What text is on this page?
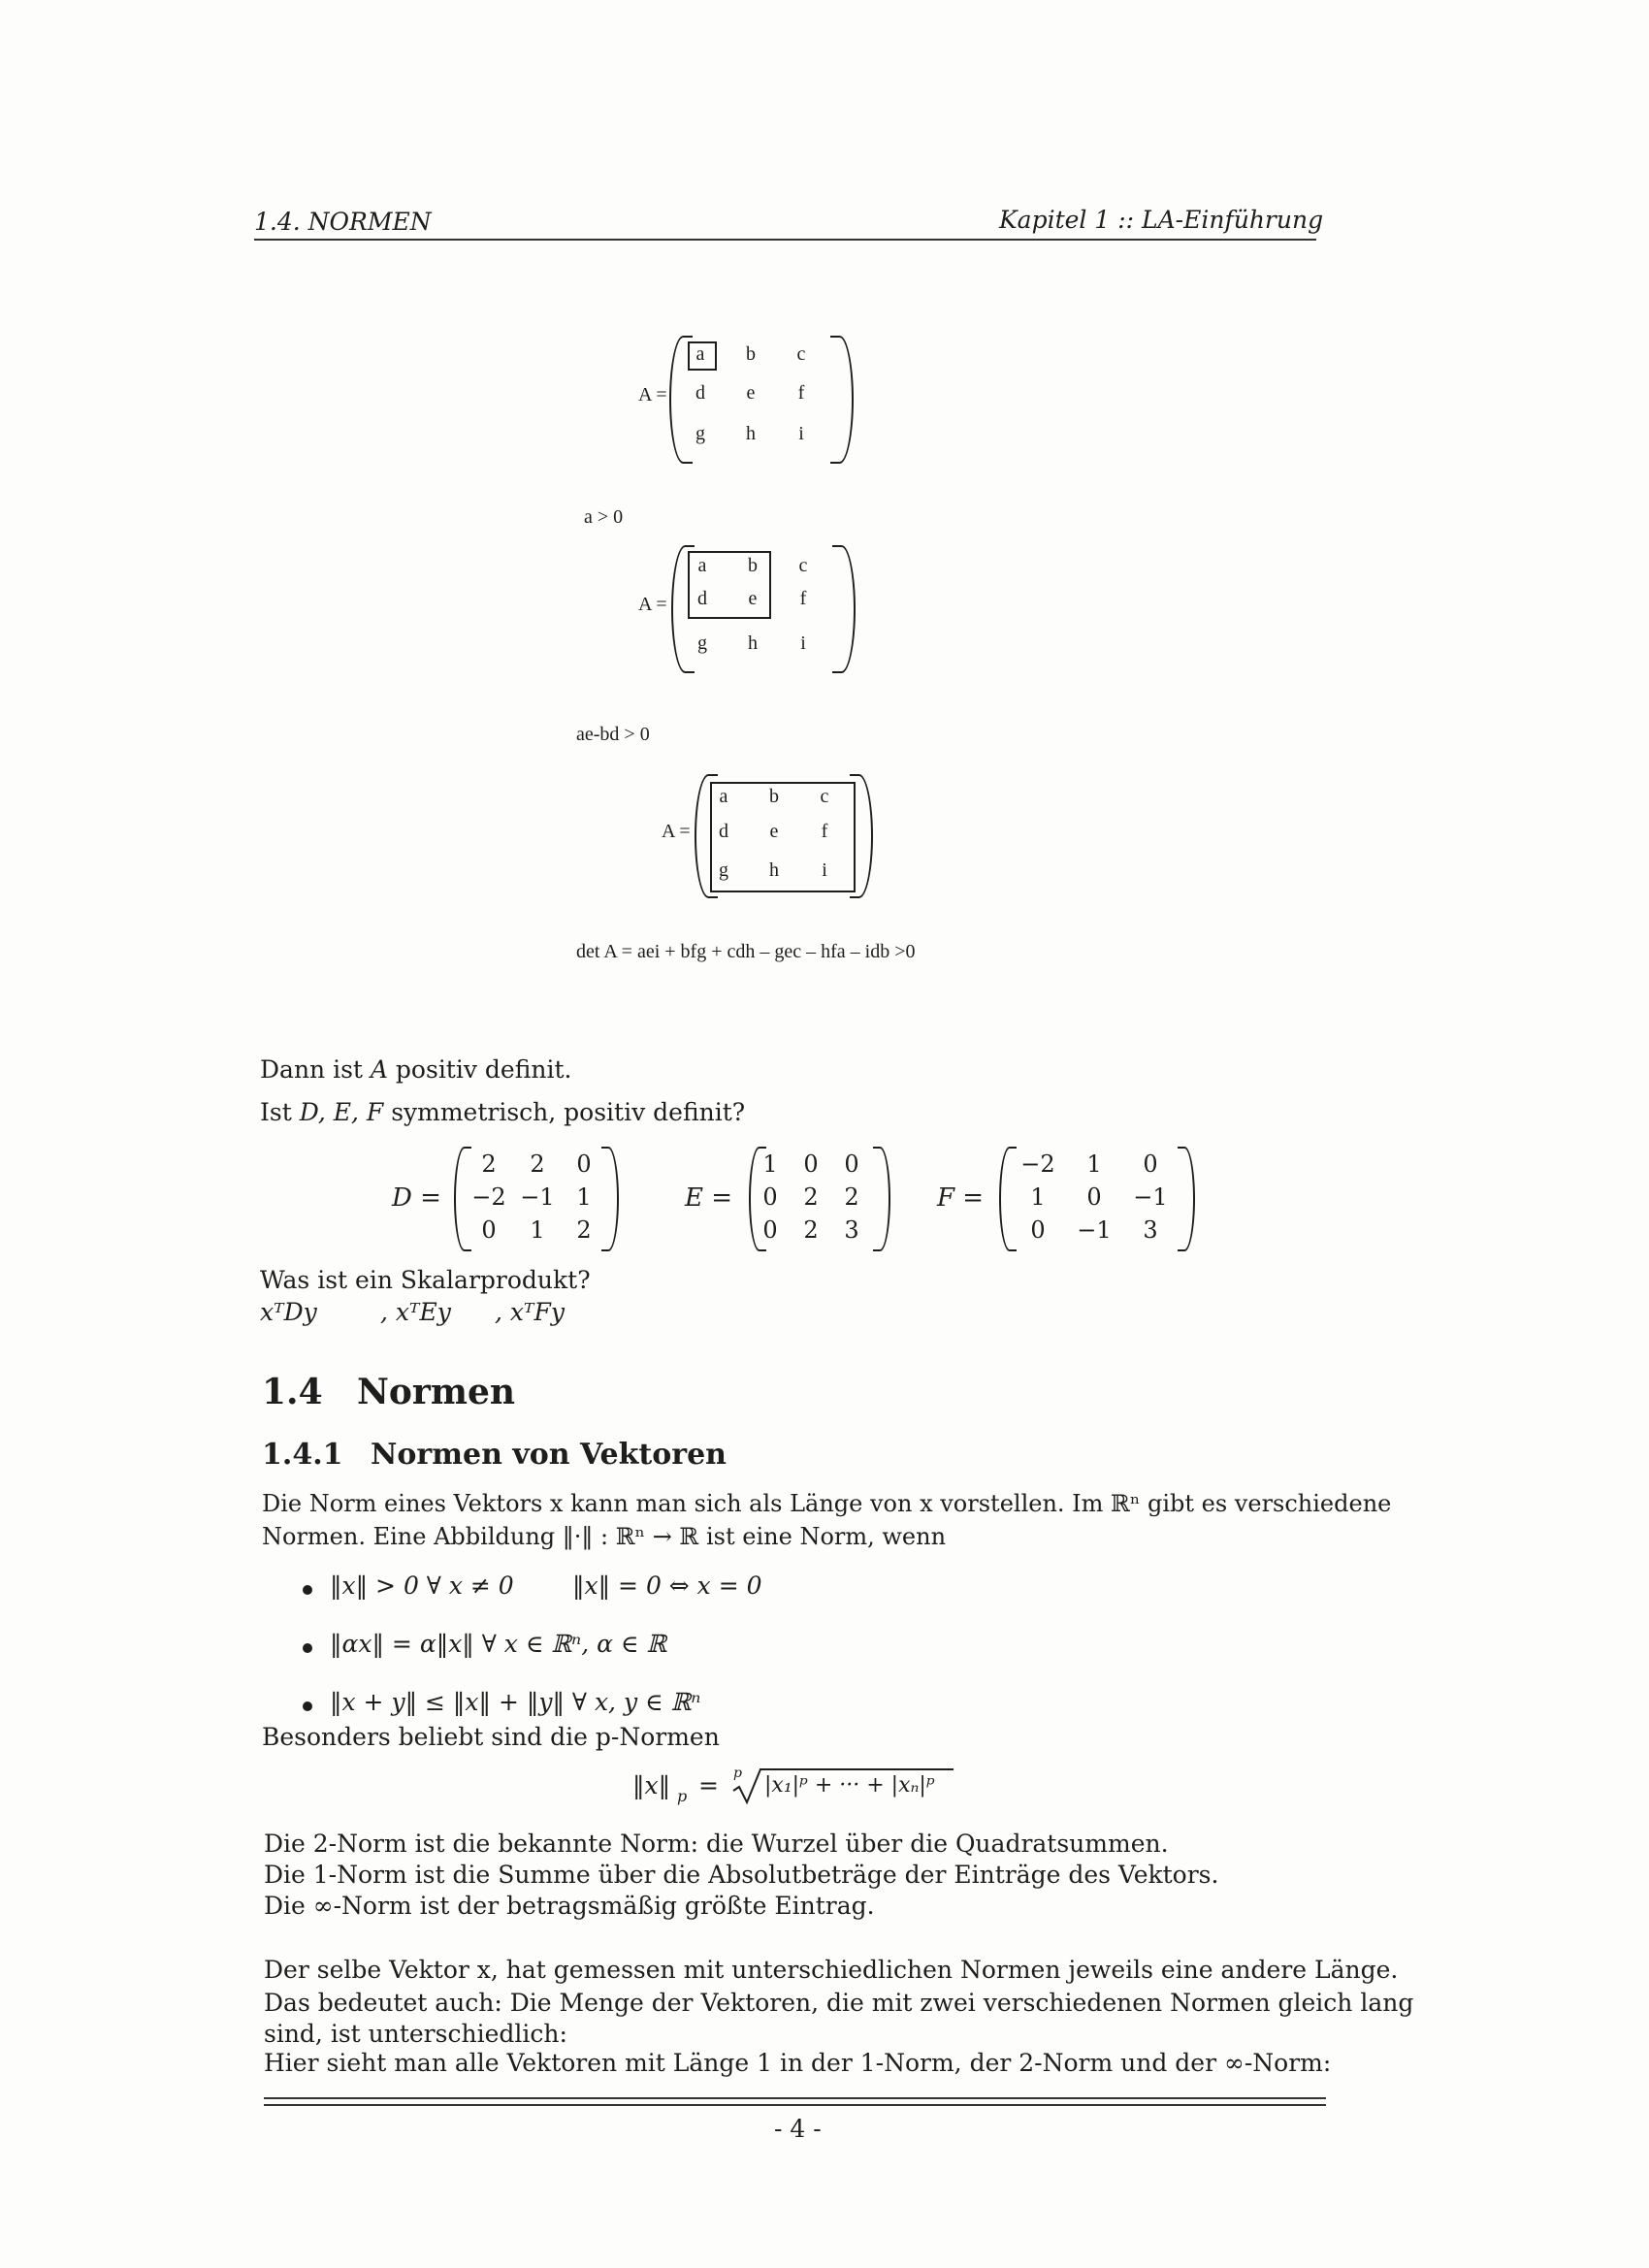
1.4. NORMEN	Kapitel 1 :: LA-Einführung
A =
a	b	c
d	e	f
g	h	i
a > 0
A =
a	b	c
d	e	f
g	h	i
ae-bd > 0
A =
a	b	c
d	e	f
g	h	i
det A = aei + bfg + cdh – gec – hfa – idb >0
Dann ist A positiv definit.
Ist D, E, F symmetrisch, positiv definit?
D =
2	2	0
−2 −1 1
0	1	2
E =
1	0	0
0	2	2
0	2	3
F =
−2	1	0
1	0	−1
0	−1	3
Was ist ein Skalarprodukt?
xᵀDy	, xᵀEy , xᵀFy
1.4 Normen
1.4.1 Normen von Vektoren
Die Norm eines Vektors x kann man sich als Länge von x vorstellen. Im ℝⁿ gibt es verschiedene
Normen. Eine Abbildung ‖·‖ : ℝⁿ → ℝ ist eine Norm, wenn
‖x‖ > 0 ∀ x ≠ 0 ‖x‖ = 0 ⇔ x = 0
‖αx‖ = α‖x‖ ∀ x ∈ ℝⁿ, α ∈ ℝ
‖x + y‖ ≤ ‖x‖ + ‖y‖ ∀ x, y ∈ ℝⁿ
Besonders beliebt sind die p-Normen
‖x‖ p = p |x₁|ᵖ + ··· + |xₙ|ᵖ
Die 2-Norm ist die bekannte Norm: die Wurzel über die Quadratsummen.
Die 1-Norm ist die Summe über die Absolutbeträge der Einträge des Vektors.
Die ∞-Norm ist der betragsmäßig größte Eintrag.
Der selbe Vektor x, hat gemessen mit unterschiedlichen Normen jeweils eine andere Länge.
Das bedeutet auch: Die Menge der Vektoren, die mit zwei verschiedenen Normen gleich lang
sind, ist unterschiedlich:
Hier sieht man alle Vektoren mit Länge 1 in der 1-Norm, der 2-Norm und der ∞-Norm:
- 4 -
